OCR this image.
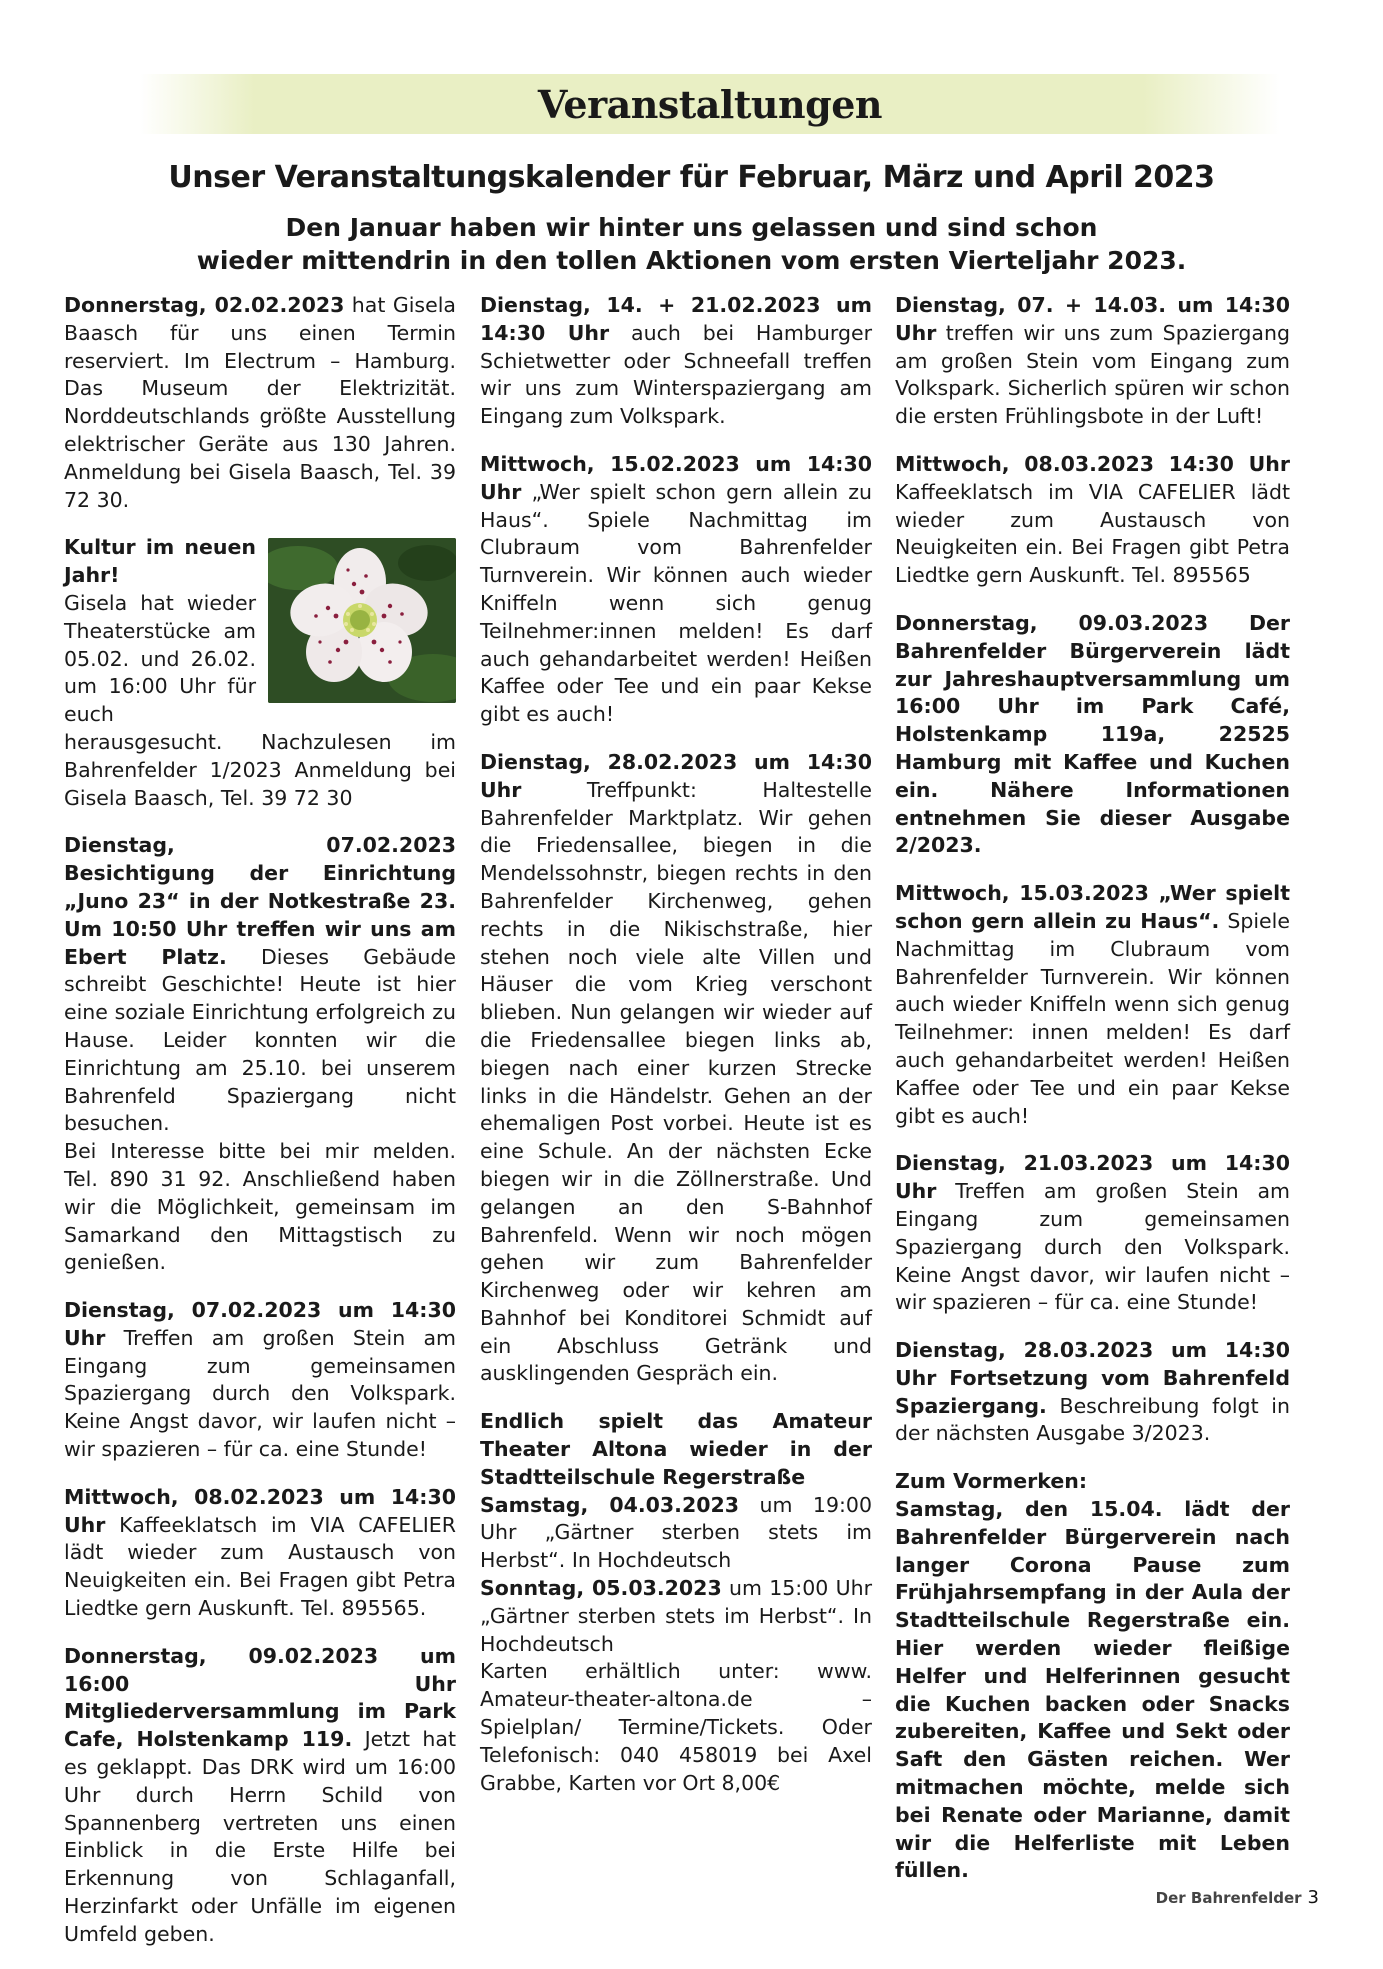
Veranstaltungen
Unser Veranstaltungskalender für Februar, März und April 2023
Den Januar haben wir hinter uns gelassen und sind schon
wieder mittendrin in den tollen Aktionen vom ersten Vierteljahr 2023.

Donnerstag, 02.02.2023 hat Gisela Baasch für uns einen Termin reserviert. Im Electrum – Hamburg. Das Museum der Elektrizität. Norddeutschlands größte Ausstellung elektrischer Geräte aus 130 Jahren. Anmeldung bei Gisela Baasch, Tel. 39 72 30.

Kultur im neuen Jahr!
Gisela hat wieder Theaterstücke am 05.02. und 26.02. um 16:00 Uhr für euch herausgesucht. Nachzulesen im Bahrenfelder 1/2023 Anmeldung bei Gisela Baasch, Tel. 39 72 30

Dienstag, 07.02.2023 Besichtigung der Einrichtung „Juno 23“ in der Notkestraße 23. Um 10:50 Uhr treffen wir uns am Ebert Platz. Dieses Gebäude schreibt Geschichte! Heute ist hier eine soziale Einrichtung erfolgreich zu Hause. Leider konnten wir die Einrichtung am 25.10. bei unserem Bahrenfeld Spaziergang nicht besuchen.
Bei Interesse bitte bei mir melden. Tel. 890 31 92. Anschließend haben wir die Möglichkeit, gemeinsam im Samarkand den Mittagstisch zu genießen.

Dienstag, 07.02.2023 um 14:30 Uhr Treffen am großen Stein am Eingang zum gemeinsamen Spaziergang durch den Volkspark. Keine Angst davor, wir laufen nicht – wir spazieren – für ca. eine Stunde!

Mittwoch, 08.02.2023 um 14:30 Uhr Kaffeeklatsch im VIA CAFELIER lädt wieder zum Austausch von Neuigkeiten ein. Bei Fragen gibt Petra Liedtke gern Auskunft. Tel. 895565.

Donnerstag, 09.02.2023 um 16:00 Uhr Mitgliederversammlung im Park Cafe, Holstenkamp 119. Jetzt hat es geklappt. Das DRK wird um 16:00 Uhr durch Herrn Schild von Spannenberg vertreten uns einen Einblick in die Erste Hilfe bei Erkennung von Schlaganfall, Herzinfarkt oder Unfälle im eigenen Umfeld geben.

Dienstag, 14. + 21.02.2023 um 14:30 Uhr auch bei Hamburger Schietwetter oder Schneefall treffen wir uns zum Winterspaziergang am Eingang zum Volkspark.

Mittwoch, 15.02.2023 um 14:30 Uhr „Wer spielt schon gern allein zu Haus“. Spiele Nachmittag im Clubraum vom Bahrenfelder Turnverein. Wir können auch wieder Kniffeln wenn sich genug Teilnehmer:innen melden! Es darf auch gehandarbeitet werden! Heißen Kaffee oder Tee und ein paar Kekse gibt es auch!

Dienstag, 28.02.2023 um 14:30 Uhr Treffpunkt: Haltestelle Bahrenfelder Marktplatz. Wir gehen die Friedensallee, biegen in die Mendelssohnstr, biegen rechts in den Bahrenfelder Kirchenweg, gehen rechts in die Nikischstraße, hier stehen noch viele alte Villen und Häuser die vom Krieg verschont blieben. Nun gelangen wir wieder auf die Friedensallee biegen links ab, biegen nach einer kurzen Strecke links in die Händelstr. Gehen an der ehemaligen Post vorbei. Heute ist es eine Schule. An der nächsten Ecke biegen wir in die Zöllnerstraße. Und gelangen an den S-Bahnhof Bahrenfeld. Wenn wir noch mögen gehen wir zum Bahrenfelder Kirchenweg oder wir kehren am Bahnhof bei Konditorei Schmidt auf ein Abschluss Getränk und ausklingenden Gespräch ein.

Endlich spielt das Amateur Theater Altona wieder in der Stadtteilschule Regerstraße
Samstag, 04.03.2023 um 19:00 Uhr „Gärtner sterben stets im Herbst“. In Hochdeutsch
Sonntag, 05.03.2023 um 15:00 Uhr „Gärtner sterben stets im Herbst“. In Hochdeutsch
Karten erhältlich unter: www. Amateur-theater-altona.de – Spielplan/ Termine/Tickets. Oder Telefonisch: 040 458019 bei Axel Grabbe, Karten vor Ort 8,00€

Dienstag, 07. + 14.03. um 14:30 Uhr treffen wir uns zum Spaziergang am großen Stein vom Eingang zum Volkspark. Sicherlich spüren wir schon die ersten Frühlingsbote in der Luft!

Mittwoch, 08.03.2023 14:30 Uhr Kaffeeklatsch im VIA CAFELIER lädt wieder zum Austausch von Neuigkeiten ein. Bei Fragen gibt Petra Liedtke gern Auskunft. Tel. 895565

Donnerstag, 09.03.2023 Der Bahrenfelder Bürgerverein lädt zur Jahreshauptversammlung um 16:00 Uhr im Park Café, Holstenkamp 119a, 22525 Hamburg mit Kaffee und Kuchen ein. Nähere Informationen entnehmen Sie dieser Ausgabe 2/2023.

Mittwoch, 15.03.2023 „Wer spielt schon gern allein zu Haus“. Spiele Nachmittag im Clubraum vom Bahrenfelder Turnverein. Wir können auch wieder Kniffeln wenn sich genug Teilnehmer: innen melden! Es darf auch gehandarbeitet werden! Heißen Kaffee oder Tee und ein paar Kekse gibt es auch!

Dienstag, 21.03.2023 um 14:30 Uhr Treffen am großen Stein am Eingang zum gemeinsamen Spaziergang durch den Volkspark. Keine Angst davor, wir laufen nicht – wir spazieren – für ca. eine Stunde!

Dienstag, 28.03.2023 um 14:30 Uhr Fortsetzung vom Bahrenfeld Spaziergang. Beschreibung folgt in der nächsten Ausgabe 3/2023.

Zum Vormerken:
Samstag, den 15.04. lädt der Bahrenfelder Bürgerverein nach langer Corona Pause zum Frühjahrsempfang in der Aula der Stadtteilschule Regerstraße ein. Hier werden wieder fleißige Helfer und Helferinnen gesucht die Kuchen backen oder Snacks zubereiten, Kaffee und Sekt oder Saft den Gästen reichen. Wer mitmachen möchte, melde sich bei Renate oder Marianne, damit wir die Helferliste mit Leben füllen.

Der Bahrenfelder 3
